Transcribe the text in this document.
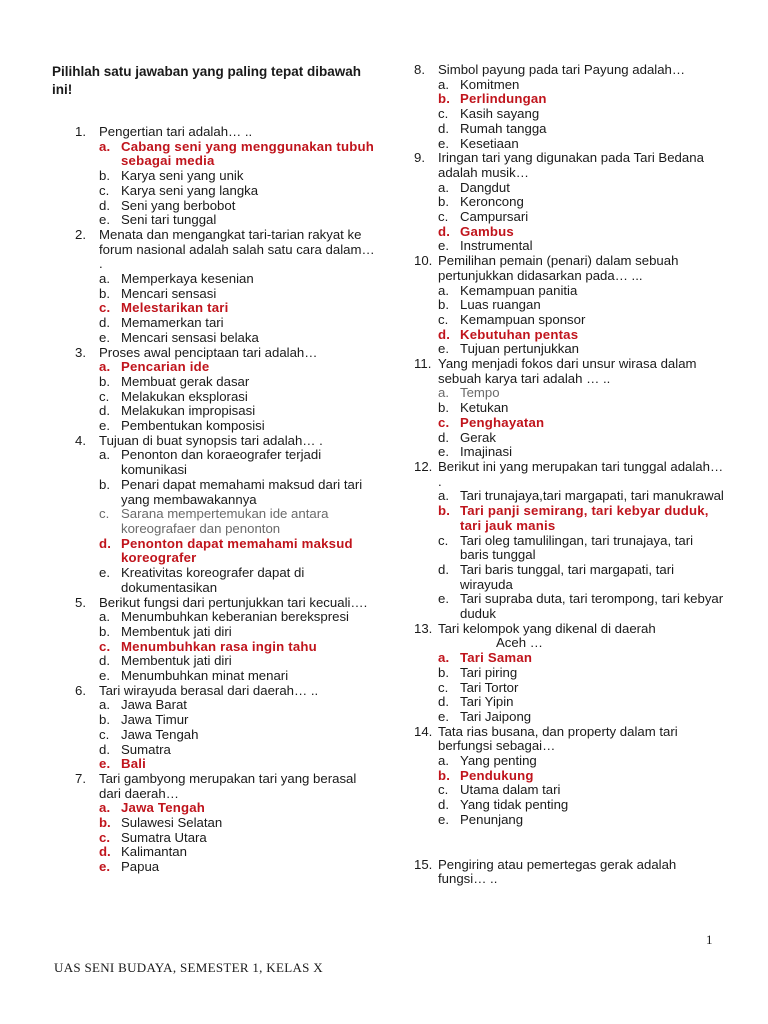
Pilihlah satu jawaban yang paling tepat dibawah ini!
1. Pengertian tari adalah… ..
a. Cabang seni yang menggunakan tubuh sebagai media
b. Karya seni yang unik
c. Karya seni yang langka
d. Seni yang berbobot
e. Seni tari tunggal
2. Menata dan mengangkat tari-tarian rakyat ke forum nasional adalah salah satu cara dalam… .
a. Memperkaya kesenian
b. Mencari sensasi
c. Melestarikan tari
d. Memamerkan tari
e. Mencari sensasi belaka
3. Proses awal penciptaan tari adalah…
a. Pencarian ide
b. Membuat gerak dasar
c. Melakukan eksplorasi
d. Melakukan impropisasi
e. Pembentukan komposisi
4. Tujuan di buat synopsis tari adalah… .
a. Penonton dan koraeografer terjadi komunikasi
b. Penari dapat memahami maksud dari tari yang membawakannya
c. Sarana mempertemukan ide antara koreografaer dan penonton
d. Penonton dapat memahami maksud koreografer
e. Kreativitas koreografer dapat di dokumentasikan
5. Berikut fungsi dari pertunjukkan tari kecuali….
a. Menumbuhkan keberanian berekspresi
b. Membentuk jati diri
c. Menumbuhkan rasa ingin tahu
d. Membentuk jati diri
e. Menumbuhkan minat menari
6. Tari wirayuda berasal dari daerah… ..
a. Jawa Barat
b. Jawa Timur
c. Jawa Tengah
d. Sumatra
e. Bali
7. Tari gambyong merupakan tari yang berasal dari daerah…
a. Jawa Tengah
b. Sulawesi Selatan
c. Sumatra Utara
d. Kalimantan
e. Papua
8. Simbol payung pada tari Payung adalah…
a. Komitmen
b. Perlindungan
c. Kasih sayang
d. Rumah tangga
e. Kesetiaan
9. Iringan tari yang digunakan pada Tari Bedana adalah musik…
a. Dangdut
b. Keroncong
c. Campursari
d. Gambus
e. Instrumental
10. Pemilihan pemain (penari) dalam sebuah pertunjukkan didasarkan pada… ...
a. Kemampuan panitia
b. Luas ruangan
c. Kemampuan sponsor
d. Kebutuhan pentas
e. Tujuan pertunjukkan
11. Yang menjadi fokos dari unsur wirasa dalam sebuah karya tari adalah … ..
a. Tempo
b. Ketukan
c. Penghayatan
d. Gerak
e. Imajinasi
12. Berikut ini yang merupakan tari tunggal adalah… .
a. Tari trunajaya,tari margapati, tari manukrawal
b. Tari panji semirang, tari kebyar duduk, tari jauk manis
c. Tari oleg tamulilingan, tari trunajaya, tari baris tunggal
d. Tari baris tunggal, tari margapati, tari wirayuda
e. Tari supraba duta, tari terompong, tari kebyar duduk
13. Tari kelompok yang dikenal di daerah
Aceh …
a. Tari Saman
b. Tari piring
c. Tari Tortor
d. Tari Yipin
e. Tari Jaipong
14. Tata rias busana, dan property dalam tari berfungsi sebagai…
a. Yang penting
b. Pendukung
c. Utama dalam tari
d. Yang tidak penting
e. Penunjang
15. Pengiring atau pemertegas gerak adalah fungsi… ..
1
UAS SENI BUDAYA, SEMESTER 1, KELAS X
